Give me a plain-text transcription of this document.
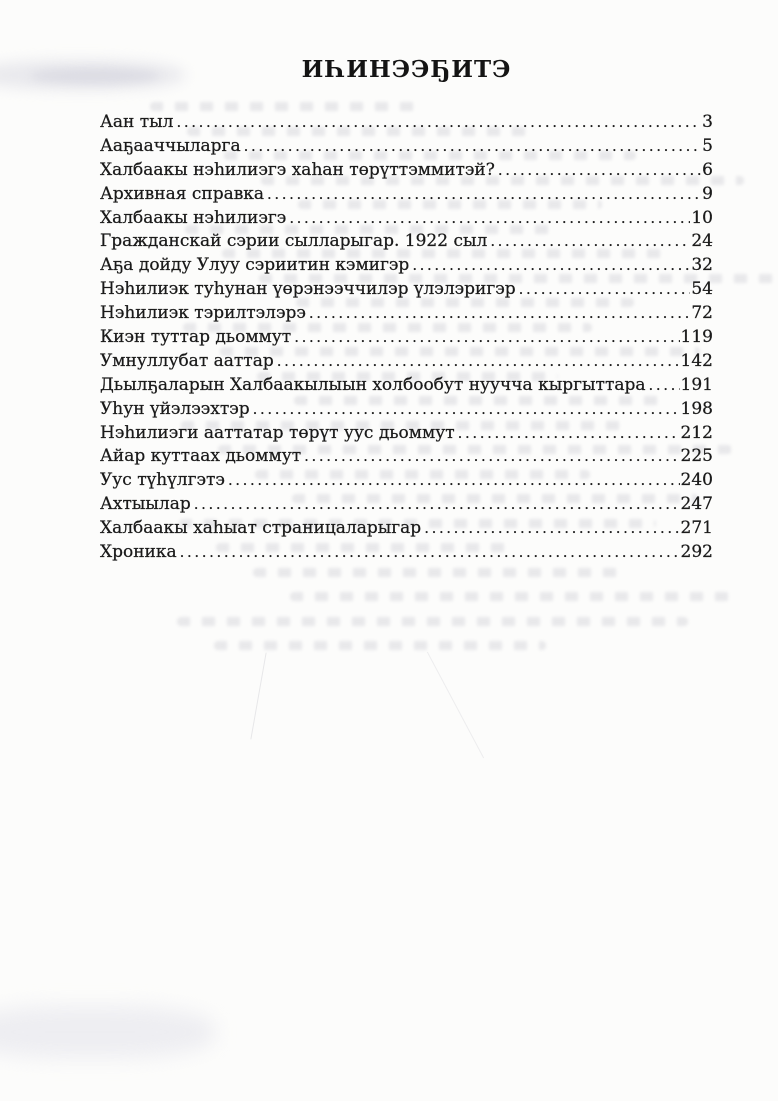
ИҺИНЭЭҔИТЭ
Аан тыл .....	3
Ааҕааччыларга .....	5
Халбаакы нэһилиэгэ хаһан төрүттэммитэй? .....	6
Архивная справка .....	9
Халбаакы нэһилиэгэ .....	10
Гражданскай сэрии сылларыгар. 1922 сыл .....	24
Аҕа дойду Улуу сэриитин кэмигэр .....	32
Нэһилиэк туһунан үөрэнээччилэр үлэлэригэр .....	54
Нэһилиэк тэрилтэлэрэ .....	72
Киэн туттар дьоммут .....	119
Умнуллубат ааттар .....	142
Дьылҕаларын Халбаакылыын холбообут нуучча кыргыттара ..... 191
Уһун үйэлээхтэр .....	198
Нэһилиэги ааттатар төрүт уус дьоммут .....	212
Айар куттаах дьоммут .....	225
Уус түһүлгэтэ .....	240
Ахтыылар .....	247
Халбаакы хаһыат страницаларыгар .....	271
Хроника .....	292
